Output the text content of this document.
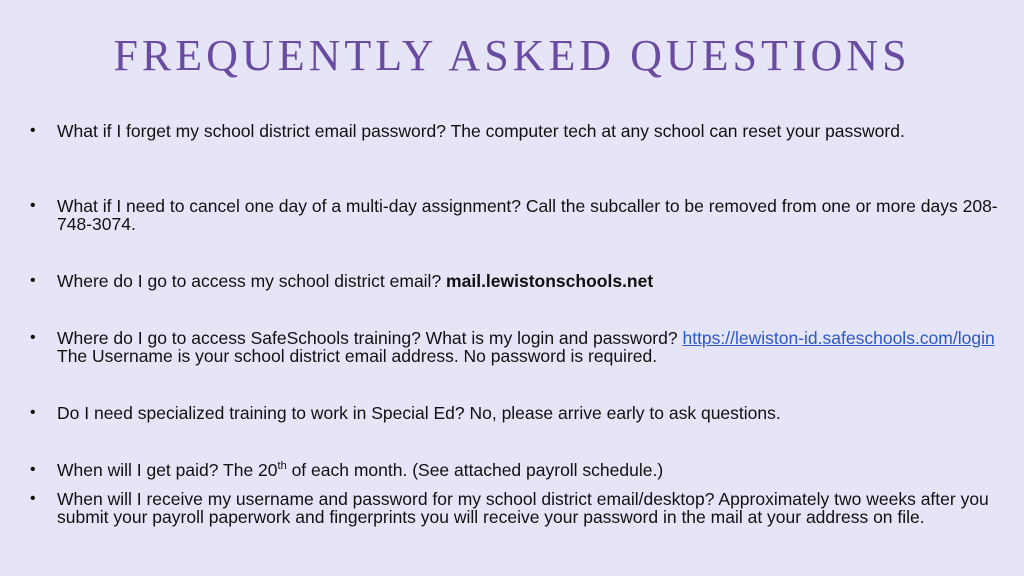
FREQUENTLY ASKED QUESTIONS
• What if I forget my school district email password? The computer tech at any school can reset your password.
• What if I need to cancel one day of a multi-day assignment? Call the subcaller to be removed from one or more days 208-748-3074.
• Where do I go to access my school district email? mail.lewistonschools.net
• Where do I go to access SafeSchools training? What is my login and password? https://lewiston-id.safeschools.com/login The Username is your school district email address. No password is required.
• Do I need specialized training to work in Special Ed? No, please arrive early to ask questions.
• When will I get paid? The 20th of each month. (See attached payroll schedule.)
• When will I receive my username and password for my school district email/desktop? Approximately two weeks after you submit your payroll paperwork and fingerprints you will receive your password in the mail at your address on file.
